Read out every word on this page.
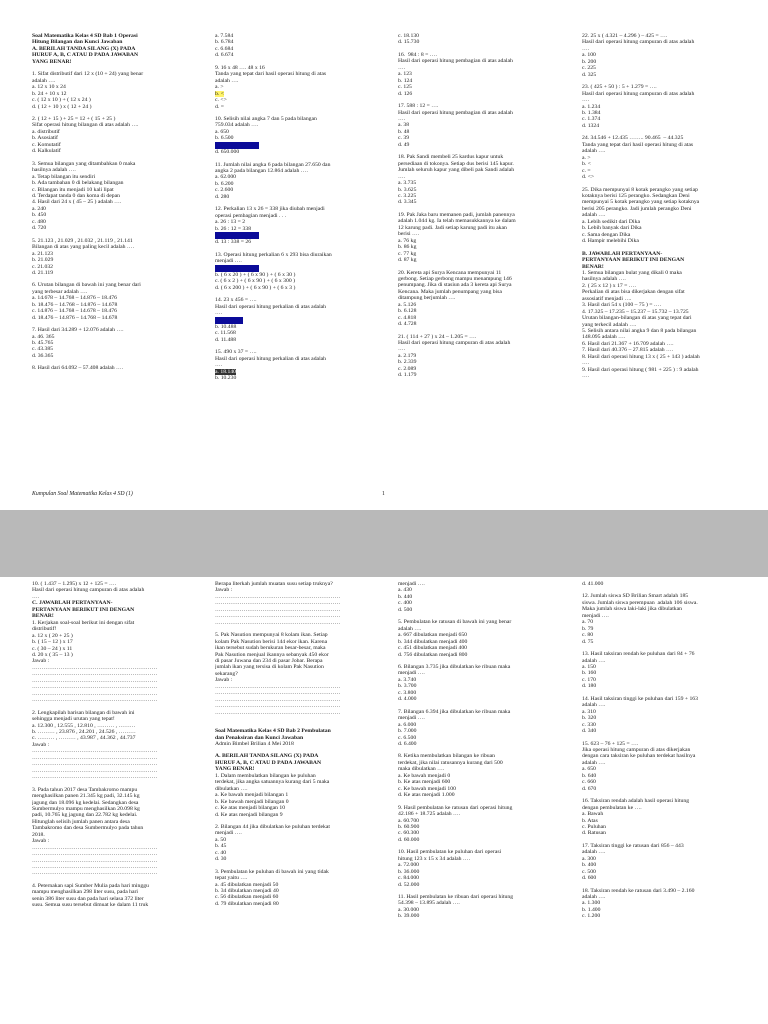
Soal Matematika Kelas 4 SD Bab 1 Operasi
Hitung Bilangan dan Kunci Jawaban
A. BERILAH TANDA SILANG (X) PADA
HURUF A, B, C ATAU D PADA JAWABAN
YANG BENAR!
1. Sifat distributif dari 12 x (10 + 24) yang benar
adalah ….
a. 12 x 10 x 24
b. 24 + 10 x 12
c. ( 12 x 10 ) + ( 12 x 24 )
d. ( 12 + 10 ) x ( 12 + 24 )
2. ( 12 + 15 ) + 25 = 12 + ( 15 + 25 )
Sifat operasi hitung bilangan di atas adalah ….
a. distributif
b. Asosiatif
c. Komutatif
d. Kalkulatif
3. Semua bilangan yang ditambahkan 0 maka
hasilnya adalah ….
a. Tetap bilangan itu sendiri
b. Ada tambahan 0 di belakang bilangan
c. Bilangan itu menjadi 10 kali lipat
d. Terdapat tanda 0 dan koma di depan
4. Hasil dari 24 x ( 45 – 25 ) adalah ….
a. 240
b. 450
c. 480
d. 720
5. 21.123 , 21.029 , 21.032 , 21.119 , 21.141
Bilangan di atas yang paling kecil adalah ….
a. 21.123
b. 21.029
c. 21.032
d. 21.119
6. Urutan bilangan di bawah ini yang benar dari
yang terbesar adalah ….
a. 14.678 – 14.768 – 14.876 – 18.476
b. 18.476 – 14.768 – 14.876 – 14.678
c. 14.876 – 14.768 – 14.678 – 18.476
d. 18.476 – 14.876 – 14.768 – 14.678
7. Hasil dari 34.289 + 12.076 adalah ….
a. 46. 365
b. 45.765
c. 43.385
d. 36.365
8. Hasil dari 64.092 – 57.408 adalah ….
a. 7.584
b. 6.784
c. 6.684
d. 6.674
9. 16 x 48 …. 48 x 16
Tanda yang tepat dari hasil operasi hitung di atas
adalah ….
a. >
b. <
c. <>
d. =
10. Selisih nilai angka 7 dan 5 pada bilangan
759.034 adalah ….
a. 650
b. 6.500
d. 650.000
11. Jumlah nilai angka 6 pada bilangan 27.650 dan
angka 2 pada bilangan 12.864 adalah ….
a. 62.000
b. 6.200
c. 2.600
d. 280
12. Perkalian 13 x 26 = 338 jika diubah menjadi
operasi pembagian menjadi . . .
a. 26 : 13 = 2
b. 26 : 12 = 338
d. 13 : 338 = 26
13. Operasi hitung perkalian 6 x 293 bisa diuraikan
menjadi ….
b. ( 6 x 20 ) + ( 6 x 90 ) + ( 6 x 30 )
c. ( 6 x 2 ) + ( 6 x 90 ) + ( 6 x 300 )
d. ( 6 x 200 ) + ( 6 x 90 ) + ( 6 x 3 )
14. 23 x 456 = ….
Hasil dari operasi hitung perkalian di atas adalah
….
b. 10.488
c. 11.568
d. 11.488
15. 490 x 37 = ….
Hasil dari operasi hitung perkalian di atas adalah
….
a. 18.140
b. 10.230
c. 18.130
d. 15.730
16.  984 : 8 = ….
Hasil dari operasi hitung pembagian di atas adalah
….
a. 123
b. 124
c. 125
d. 126
17. 588 : 12 = ….
Hasil dari operasi hitung pembagian di atas adalah
….
a. 38
b. 48
c. 39
d. 49
18. Pak Sandi membeli 25 kardus kapur untuk
persediaan di tokonya. Setiap dus berisi 145 kapur.
Jumlah seluruh kapur yang dibeli pak Sandi adalah
….
a. 3.735
b. 3.625
c. 3.225
d. 3.345
19. Pak Jaka baru memanen padi, jumlah panennya
adalah 1.044 kg. Ia telah memasukkannya ke dalam
12 karung padi. Jadi setiap karung padi itu akan
berisi ….
a. 76 kg
b. 86 kg
c. 77 kg
d. 87 kg
20. Kereta api Surya Kencana mempunyai 11
gerbong. Setiap gerbong mampu menampung 146
penumpang. Jika di stasiun ada 3 kereta api Surya
Kencana. Maka jumlah penumpang yang bisa
ditampung berjumlah ….
a. 5.126
b. 6.128
c. 4.818
d. 4.728
21. ( 114 + 27 ) x 24 – 1.205 = ….
Hasil dari operasi hitung campuran di atas adalah
….
a. 2.179
b. 2.339
c. 2.089
d. 1.179
22. 25 x ( 4.321 – 4.296 ) – 425 = ….
Hasil dari operasi hitung campuran di atas adalah
….
a. 100
b. 200
c. 225
d. 325
23. ( 425 + 50 ) : 5 + 1.279 = ….
Hasil dari operasi hitung campuran di atas adalah
….
a. 1.234
b. 1.384
c. 1.374
d. 1324
24. 34.546 + 12.435 …….. 90.465  – 44.325
Tanda yang tepat dari hasil operasi hitung di atas
adalah ….
a. >
b. <
c. =
d. <>
25. Dika mempunyai 8 kotak perangko yang setiap
kotaknya berisi 125 perangko. Sedangkan Deni
mempunyai 5 kotak perangko yang setiap kotaknya
berisi 205 perangko. Jadi jumlah perangko Deni
adalah ….
a. Lebih sedikit dari Dika
b. Lebih banyak dari Dika
c. Sama dengan Dika
d. Hampir melebihi Dika
B. JAWABLAH PERTANYAAN-
PERTANYAAN BERIKUT INI DENGAN
BENAR!
1. Semua bilangan bulat yang dikali 0 maka
hasilnya adalah ….
2. ( 25 x 12 ) x 17 = ….
Perkalian di atas bisa dikerjakan dengan sifat
assosiatif menjadi ….
3. Hasil dari 54 x (100 – 75 ) = ….
4. 17.325 – 17.235 – 15.237 – 15.732 – 13.725
Urutan bilangan-bilangan di atas yang tepat dari
yang terkecil adalah ….
5. Selisih antara nilai angka 9 dan 8 pada bilangan
148.095 adalah ….
6. Hasil dari 21.367 + 16.709 adalah ….
7. Hasil dari 40.376 – 27.815 adalah ….
8. Hasil dari operasi hitung 13 x ( 25 + 143 ) adalah
….
9. Hasil dari operasi hitung ( 981 + 225 ) : 9 adalah
….
Kumpulan Soal Matematika Kelas 4 SD (1)	1
10. ( 1.437 – 1.295) x 12 + 125 = ….
Hasil dari operasi hitung campuran di atas adalah
….
C. JAWABLAH PERTANYAAN-
PERTANYAAN BERIKUT INI DENGAN
BENAR!
1. Kerjakan soal-soal berikut ini dengan sifat
distributif!
a. 12 x ( 20 + 25 )
b. ( 15 – 12 ) x 17
c. ( 30 – 24 ) x 11
d. 20 x ( 35 – 13 )
Jawab :
…………………………………………………………
…………………………………………………………
…………………………………………………………
…………………………………………………………
…………………………………………………………
…………………………………………………………
2. Lengkapilah barisan bilangan di bawah ini
sehingga menjadi urutan yang tepat!
a. 12.300 , 12.555 , 12.810 , ……… , ………
b. ……… , 23.876 , 24.201 , 24.526 , ………
c. ……… , ……… , 43.987 , 44.362 , 44.737
Jawab :
…………………………………………………………
…………………………………………………………
…………………………………………………………
…………………………………………………………
…………………………………………………………
3. Pada tahun 2017 desa Tambakromo mampu
menghasilkan panen 21.345 kg padi, 32.145 kg
jagung dan 18.096 kg kedelai. Sedangkan desa
Sumbermulyo mampu menghasilkan 20.098 kg
padi, 10.765 kg jagung dan 22.782 kg kedelai.
Hitunglah selisih jumlah panen antara desa
Tambakromo dan desa Sumbermulyo pada tahun
2018.
Jawab :
…………………………………………………………
…………………………………………………………
…………………………………………………………
…………………………………………………………
…………………………………………………………
4. Peternakan sapi Sumber Mulia pada hari minggu
mampu menghasilkan 298 liter susu, pada hari
senin 386 liter susu dan pada hari selasa 372 liter
susu. Semua susu tersebut dimuat ke dalam 11 truk
Berapa literkah jumlah muatan susu setiap truknya?
Jawab :
…………………………………………………………
…………………………………………………………
…………………………………………………………
…………………………………………………………
…………………………………………………………
5. Pak Nasution mempunyai 8 kolam ikan. Setiap
kolam Pak Nasution berisi 144 ekor ikan. Karena
ikan tersebut sudah berukuran besar-besar, maka
Pak Nasution menjual ikannya sebanyak 450 ekor
di pasar Juwana dan 234 di pasar Jobar. Berapa
jumlah ikan yang tersisa di kolam Pak Nasution
sekarang?
Jawab :
…………………………………………………………
…………………………………………………………
…………………………………………………………
…………………………………………………………
…………………………………………………………
Soal Matematika Kelas 4 SD Bab 2 Pembulatan
dan Penaksiran dan Kunci Jawaban
Admin Bimbel Brilian 4 Mei 2018
A. BERILAH TANDA SILANG (X) PADA
HURUF A, B, C ATAU D PADA JAWABAN
YANG BENAR!
1. Dalam membulatkan bilangan ke puluhan
terdekat, jika angka satuannya kurang dari 5 maka
dibulatkan ….
a. Ke bawah menjadi bilangan 1
b. Ke bawah menjadi bilangan 0
c. Ke atas menjadi bilangan 10
d. Ke atas menjadi bilangan 9
2. Bilangan 44 jika dibulatkan ke puluhan terdekat
menjadi ….
a. 50
b. 45
c. 40
d. 30
3. Pembulatan ke puluhan di bawah ini yang tidak
tepat yaitu ….
a. 45 dibulatkan menjadi 50
b. 34 dibulatkan menjadi 40
c. 56 dibulatkan menjadi 60
d. 79 dibulatkan menjadi 80
menjadi ….
a. 430
b. 440
c. 400
d. 500
5. Pembulatan ke ratusan di bawah ini yang benar
adalah ….
a. 667 dibulatkan menjadi 650
b. 344 dibulatkan menjadi 400
c. 451 dibulatkan menjadi 400
d. 756 dibulatkan menjadi 800
6. Bilangan 3.735 jika dibulatkan ke ribuan maka
menjadi ….
a. 3.740
b. 3.700
c. 3.800
d. 4.000
7. Bilangan 6.394 jika dibulatkan ke ribuan maka
menjadi ….
a. 6.000
b. 7.000
c. 6.500
d. 6.400
8. Ketika membulatkan bilangan ke ribuan
terdekat, jika nilai ratusannya kurang dari 500
maka dibulatkan ….
a. Ke bawah menjadi 0
b. Ke atas menjadi 600
c. Ke bawah menjadi 100
d. Ke atas menjadi 1.000
9. Hasil pembulatan ke ratusan dari operasi hitung
42.186 + 18.725 adalah ….
a. 60.700
b. 60.900
c. 60.300
d. 60.000
10. Hasil pembulatan ke puluhan dari operasi
hitung 123 x 15 x 34 adalah ….
a. 72.000
b. 36.000
c. 84.000
d. 52.000
11. Hasil pembulatan ke ribuan dari operasi hitung
54.398 – 13.895 adalah ….
a. 30.000
b. 39.000
d. 41.000
12. Jumlah siswa SD Brilian Smart adalah 185
siswa. Jumlah siswa perempuan  adalah 106 siswa.
Maka jumlah siswa laki-laki jika dibulatkan
menjadi ….
a. 70
b. 79
c. 80
d. 75
13. Hasil taksiran rendah ke puluhan dari 84 + 76
adalah ….
a. 150
b. 160
c. 170
d. 180
14. Hasil taksiran tinggi ke puluhan dari 159 + 163
adalah ….
a. 310
b. 320
c. 330
d. 340
15. 623 – 76 + 125 = ….
Jika operasi hitung campuran di atas dikerjakan
dengan cara taksiran ke puluhan terdekat hasilnya
adalah ….
a. 650
b. 640
c. 660
d. 670
16. Taksiran rendah adalah hasil operasi hitung
dengan pembulatan ke ….
a. Bawah
b. Atas
c. Puluhan
d. Ratusan
17. Taksiran tinggi ke ratusan dari 856 – 443
adalah ….
a. 300
b. 400
c. 500
d. 600
18. Taksiran rendah ke ratusan dari 3.490 – 2.160
adalah ….
a. 1.300
b. 1.400
c. 1.200
